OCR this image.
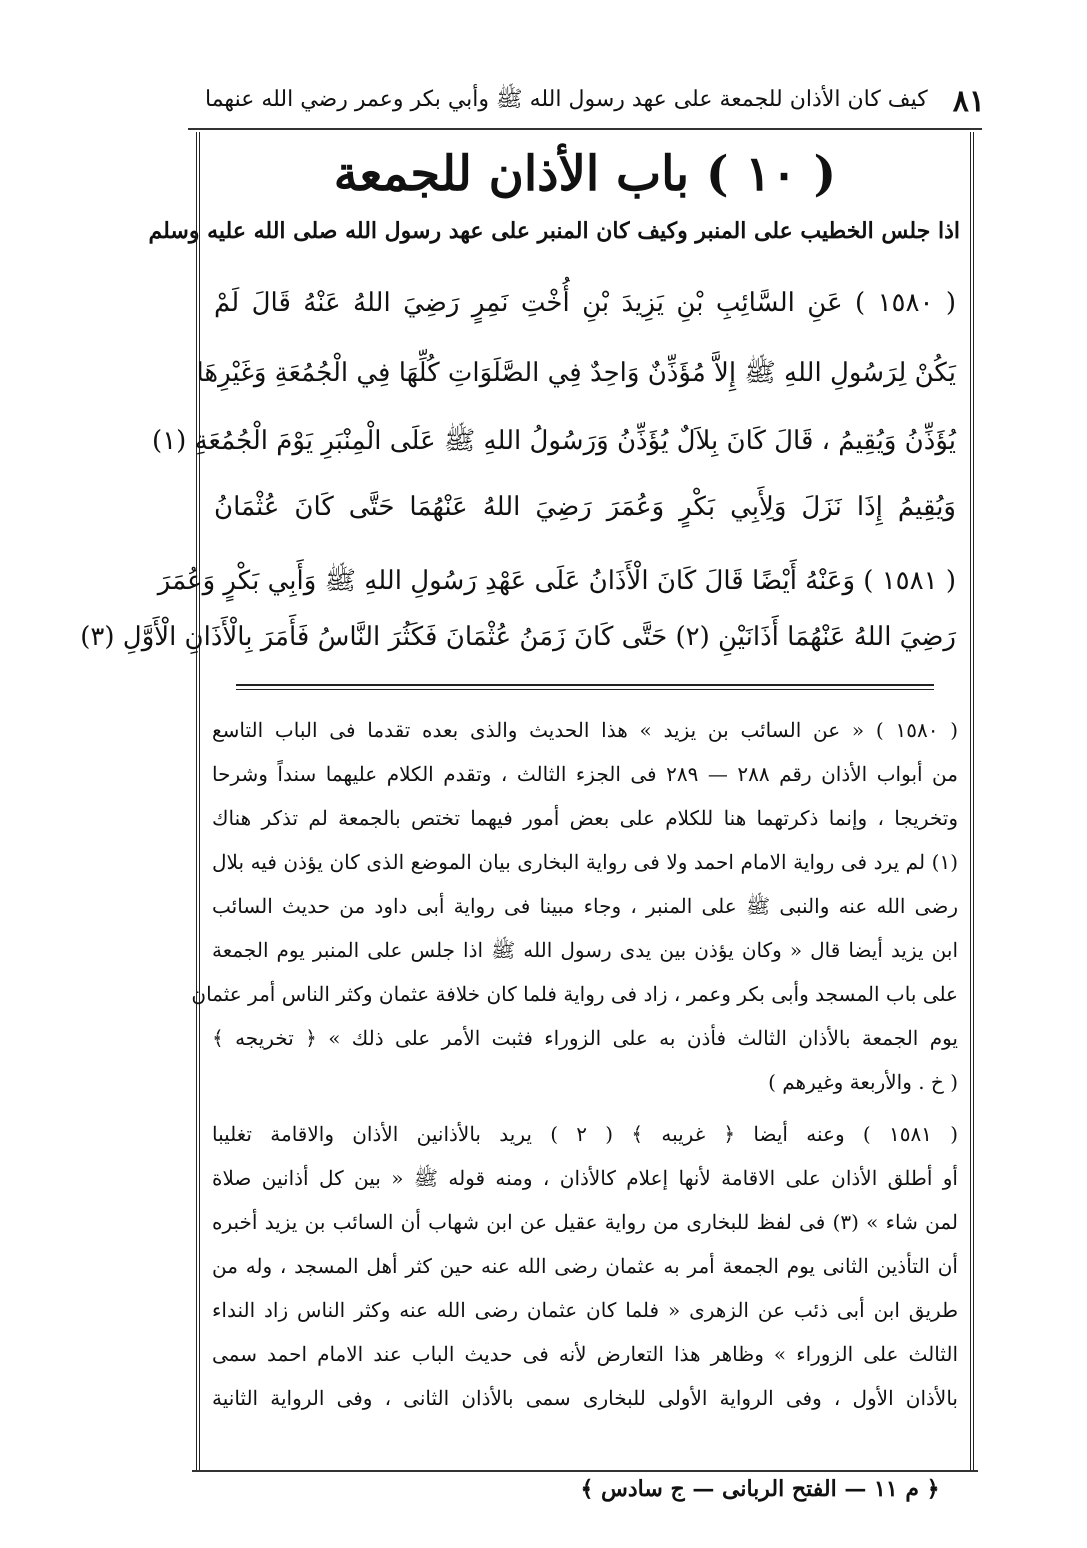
كيف كان الأذان للجمعة على عهد رسول الله ﷺ وأبي بكر وعمر رضي الله عنهما ٨١
( ١٠ ) باب الأذان للجمعة
اذا جلس الخطيب على المنبر وكيف كان المنبر على عهد رسول الله صلى الله عليه وسلم
( ١٥٨٠ ) عَنِ السَّائِبِ بْنِ يَزِيدَ بْنِ أُخْتِ نَمِرٍ رَضِيَ اللهُ عَنْهُ قَالَ لَمْ
يَكُنْ لِرَسُولِ اللهِ ﷺ إِلاَّ مُؤَذِّنٌ وَاحِدٌ فِي الصَّلَوَاتِ كُلِّهَا فِي الْجُمُعَةِ وَغَيْرِهَا
يُؤَذِّنُ وَيُقِيمُ ، قَالَ كَانَ بِلاَلٌ يُؤَذِّنُ وَرَسُولُ اللهِ ﷺ عَلَى الْمِنْبَرِ يَوْمَ الْجُمُعَةِ (١)
وَيُقِيمُ إِذَا نَزَلَ وَلِأَبِي بَكْرٍ وَعُمَرَ رَضِيَ اللهُ عَنْهُمَا حَتَّى كَانَ عُثْمَانُ
( ١٥٨١ ) وَعَنْهُ أَيْضًا قَالَ كَانَ الْأَذَانُ عَلَى عَهْدِ رَسُولِ اللهِ ﷺ وَأَبِي بَكْرٍ وَعُمَرَ
رَضِيَ اللهُ عَنْهُمَا أَذَانَيْنِ (٢) حَتَّى كَانَ زَمَنُ عُثْمَانَ فَكَثُرَ النَّاسُ فَأَمَرَ بِالْأَذَانِ الْأَوَّلِ (٣)
( ١٥٨٠ ) « عن السائب بن يزيد » هذا الحديث والذى بعده تقدما فى الباب التاسع
من أبواب الأذان رقم ٢٨٨ — ٢٨٩ فى الجزء الثالث ، وتقدم الكلام عليهما سنداً وشرحا
وتخريجا ، وإنما ذكرتهما هنا للكلام على بعض أمور فيهما تختص بالجمعة لم تذكر هناك
(١) لم يرد فى رواية الامام احمد ولا فى رواية البخارى بيان الموضع الذى كان يؤذن فيه بلال
رضى الله عنه والنبى ﷺ على المنبر ، وجاء مبينا فى رواية أبى داود من حديث السائب
ابن يزيد أيضا قال « وكان يؤذن بين يدى رسول الله ﷺ اذا جلس على المنبر يوم الجمعة
على باب المسجد وأبى بكر وعمر ، زاد فى رواية فلما كان خلافة عثمان وكثر الناس أمر عثمان
يوم الجمعة بالأذان الثالث فأذن به على الزوراء فثبت الأمر على ذلك » ﴿ تخريجه ﴾
( خ . والأربعة وغيرهم )
( ١٥٨١ ) وعنه أيضا ﴿ غريبه ﴾ ( ٢ ) يريد بالأذانين الأذان والاقامة تغليبا
أو أطلق الأذان على الاقامة لأنها إعلام كالأذان ، ومنه قوله ﷺ « بين كل أذانين صلاة
لمن شاء » (٣) فى لفظ للبخارى من رواية عقيل عن ابن شهاب أن السائب بن يزيد أخبره
أن التأذين الثانى يوم الجمعة أمر به عثمان رضى الله عنه حين كثر أهل المسجد ، وله من
طريق ابن أبى ذئب عن الزهرى « فلما كان عثمان رضى الله عنه وكثر الناس زاد النداء
الثالث على الزوراء » وظاهر هذا التعارض لأنه فى حديث الباب عند الامام احمد سمى
بالأذان الأول ، وفى الرواية الأولى للبخارى سمى بالأذان الثانى ، وفى الرواية الثانية
﴿ م ١١ — الفتح الربانى — ج سادس ﴾
